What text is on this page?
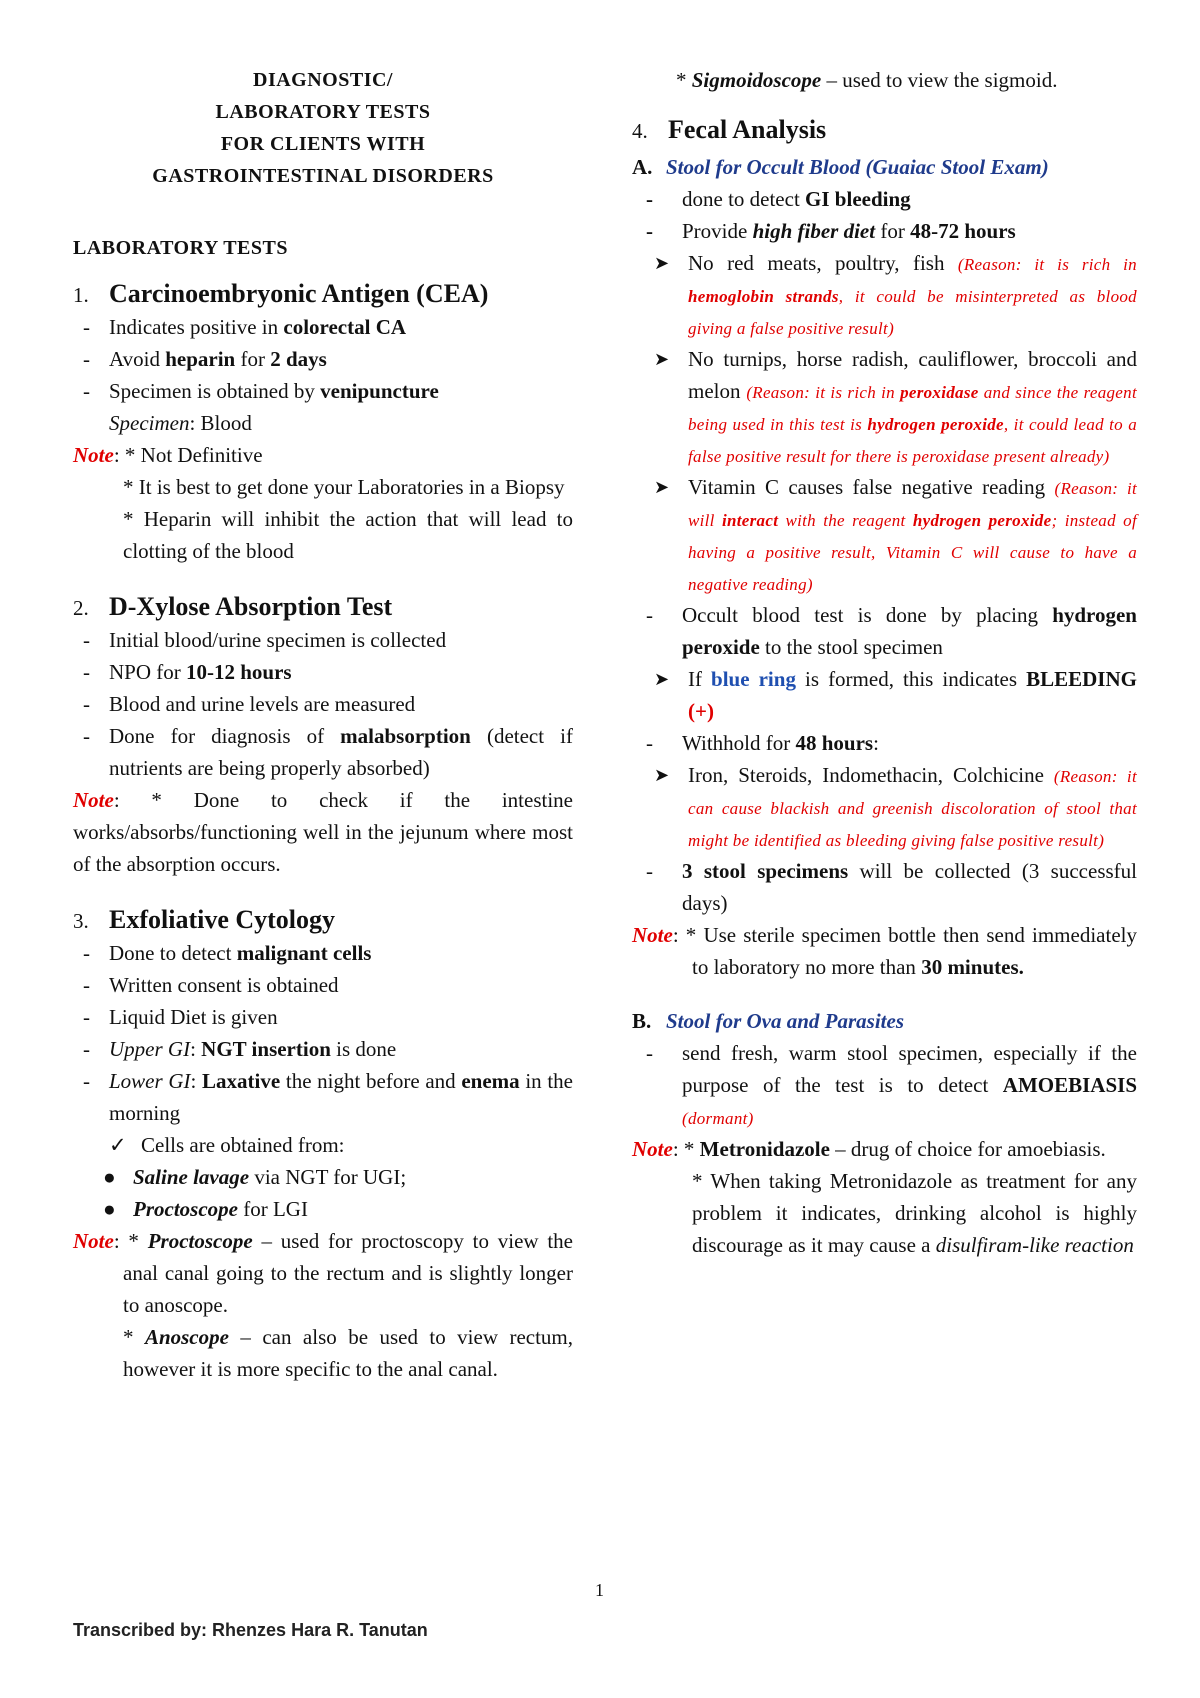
DIAGNOSTIC/
LABORATORY TESTS
FOR CLIENTS WITH
GASTROINTESTINAL DISORDERS
LABORATORY TESTS
1. Carcinoembryonic Antigen (CEA)
- Indicates positive in colorectal CA
- Avoid heparin for 2 days
- Specimen is obtained by venipuncture
Specimen: Blood
Note: * Not Definitive
* It is best to get done your Laboratories in a Biopsy
* Heparin will inhibit the action that will lead to clotting of the blood
2. D-Xylose Absorption Test
- Initial blood/urine specimen is collected
- NPO for 10-12 hours
- Blood and urine levels are measured
- Done for diagnosis of malabsorption (detect if nutrients are being properly absorbed)
Note: * Done to check if the intestine works/absorbs/functioning well in the jejunum where most of the absorption occurs.
3. Exfoliative Cytology
- Done to detect malignant cells
- Written consent is obtained
- Liquid Diet is given
- Upper GI: NGT insertion is done
- Lower GI: Laxative the night before and enema in the morning
✓ Cells are obtained from:
● Saline lavage via NGT for UGI;
● Proctoscope for LGI
Note: * Proctoscope – used for proctoscopy to view the anal canal going to the rectum and is slightly longer to anoscope.
* Anoscope – can also be used to view rectum, however it is more specific to the anal canal.
* Sigmoidoscope – used to view the sigmoid.
4. Fecal Analysis
A. Stool for Occult Blood (Guaiac Stool Exam)
-	done to detect GI bleeding
-	Provide high fiber diet for 48-72 hours
➤ No red meats, poultry, fish (Reason: it is rich in hemoglobin strands, it could be misinterpreted as blood giving a false positive result)
➤ No turnips, horse radish, cauliflower, broccoli and melon (Reason: it is rich in peroxidase and since the reagent being used in this test is hydrogen peroxide, it could lead to a false positive result for there is peroxidase present already)
➤ Vitamin C causes false negative reading (Reason: it will interact with the reagent hydrogen peroxide; instead of having a positive result, Vitamin C will cause to have a negative reading)
-	Occult blood test is done by placing hydrogen peroxide to the stool specimen
➤ If blue ring is formed, this indicates BLEEDING (+)
-	Withhold for 48 hours:
➤ Iron, Steroids, Indomethacin, Colchicine (Reason: it can cause blackish and greenish discoloration of stool that might be identified as bleeding giving false positive result)
-	3 stool specimens will be collected (3 successful days)
Note: * Use sterile specimen bottle then send immediately to laboratory no more than 30 minutes.
B. Stool for Ova and Parasites
-	send fresh, warm stool specimen, especially if the purpose of the test is to detect AMOEBIASIS (dormant)
Note: * Metronidazole – drug of choice for amoebiasis.
* When taking Metronidazole as treatment for any problem it indicates, drinking alcohol is highly discourage as it may cause a disulfiram-like reaction
1
Transcribed by: Rhenzes Hara R. Tanutan
